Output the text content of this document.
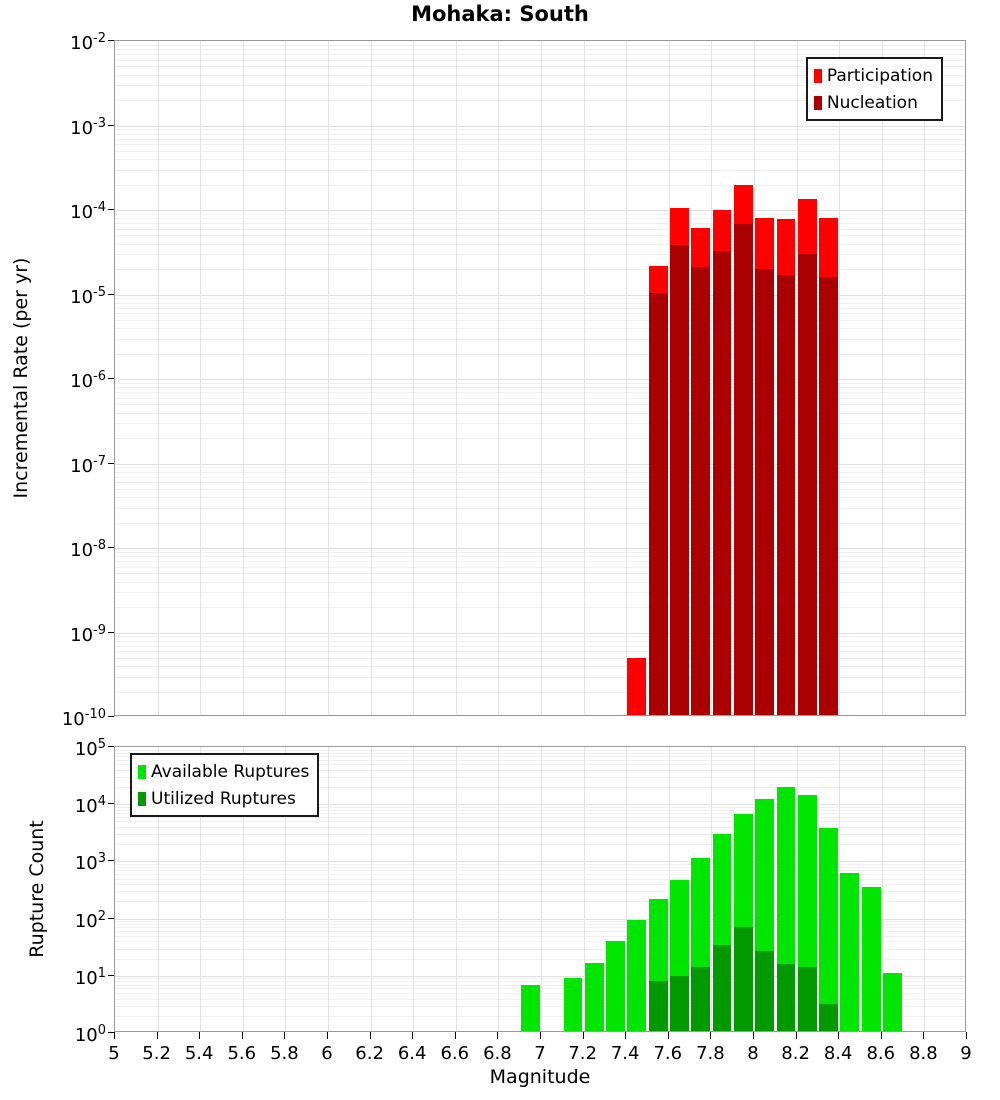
Mohaka: South
Incremental Rate (per yr)
Rupture Count
Participation
Nucleation
Available Ruptures
Utilized Ruptures
$10^{-2}$
$10^{-3}$
$10^{-4}$
$10^{-5}$
$10^{-6}$
$10^{-7}$
$10^{-8}$
$10^{-9}$
$10^{-10}$
$10^5$
$10^4$
$10^3$
$10^2$
$10^1$
$10^0$
5	5.2 5.4 5.6 5.8	6	6.2 6.4 6.6 6.8	7	7.2 7.4 7.6 7.8	8	8.2 8.4 8.6 8.8	9
Magnitude
